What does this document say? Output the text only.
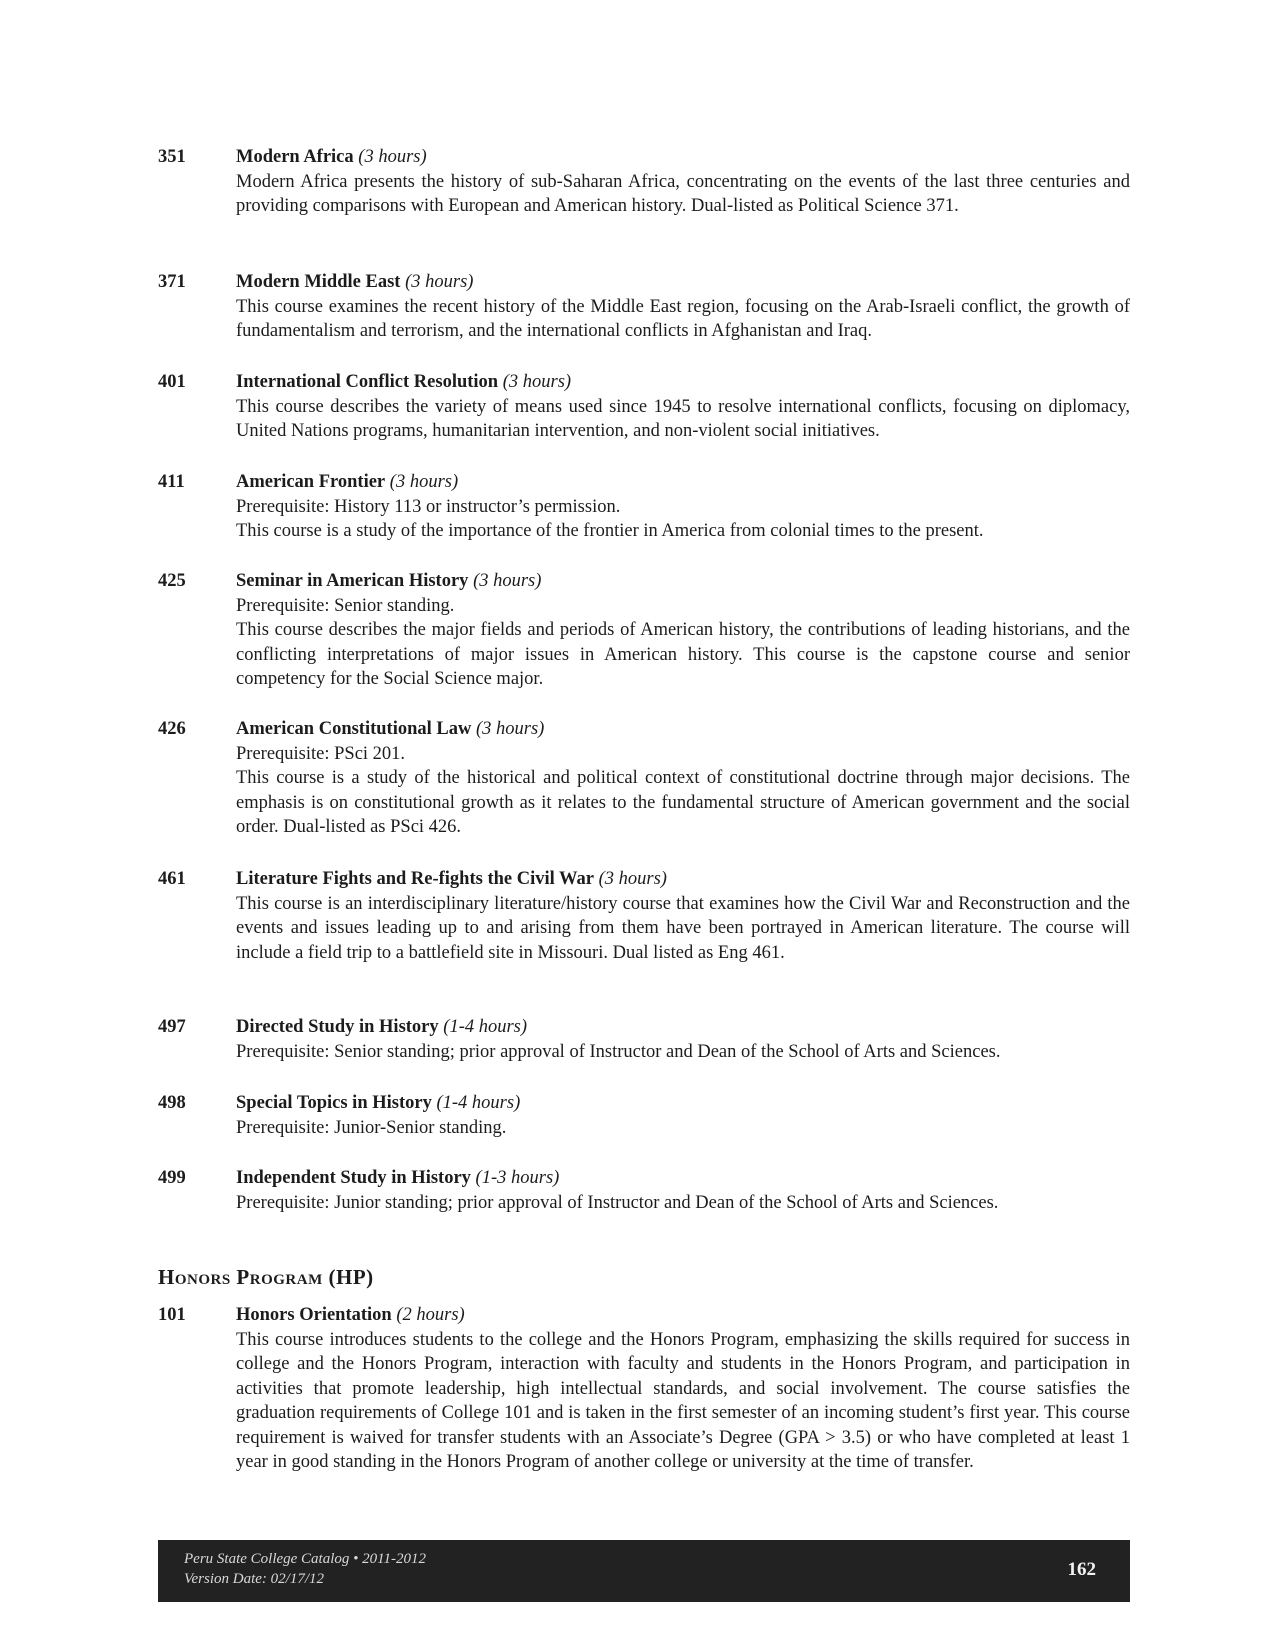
351	Modern Africa (3 hours)
Modern Africa presents the history of sub-Saharan Africa, concentrating on the events of the last three centuries and providing comparisons with European and American history. Dual-listed as Political Science 371.
371	Modern Middle East (3 hours)
This course examines the recent history of the Middle East region, focusing on the Arab-Israeli conflict, the growth of fundamentalism and terrorism, and the international conflicts in Afghanistan and Iraq.
401	International Conflict Resolution (3 hours)
This course describes the variety of means used since 1945 to resolve international conflicts, focusing on diplomacy, United Nations programs, humanitarian intervention, and non-violent social initiatives.
411	American Frontier (3 hours)
Prerequisite: History 113 or instructor’s permission.
This course is a study of the importance of the frontier in America from colonial times to the present.
425	Seminar in American History (3 hours)
Prerequisite: Senior standing.
This course describes the major fields and periods of American history, the contributions of leading historians, and the conflicting interpretations of major issues in American history. This course is the capstone course and senior competency for the Social Science major.
426	American Constitutional Law (3 hours)
Prerequisite: PSci 201.
This course is a study of the historical and political context of constitutional doctrine through major decisions. The emphasis is on constitutional growth as it relates to the fundamental structure of American government and the social order. Dual-listed as PSci 426.
461	Literature Fights and Re-fights the Civil War (3 hours)
This course is an interdisciplinary literature/history course that examines how the Civil War and Reconstruction and the events and issues leading up to and arising from them have been portrayed in American literature. The course will include a field trip to a battlefield site in Missouri. Dual listed as Eng 461.
497	Directed Study in History (1-4 hours)
Prerequisite: Senior standing; prior approval of Instructor and Dean of the School of Arts and Sciences.
498	Special Topics in History (1-4 hours)
Prerequisite: Junior-Senior standing.
499	Independent Study in History (1-3 hours)
Prerequisite: Junior standing; prior approval of Instructor and Dean of the School of Arts and Sciences.
Honors Program (HP)
101	Honors Orientation (2 hours)
This course introduces students to the college and the Honors Program, emphasizing the skills required for success in college and the Honors Program, interaction with faculty and students in the Honors Program, and participation in activities that promote leadership, high intellectual standards, and social involvement. The course satisfies the graduation requirements of College 101 and is taken in the first semester of an incoming student’s first year. This course requirement is waived for transfer students with an Associate’s Degree (GPA > 3.5) or who have completed at least 1 year in good standing in the Honors Program of another college or university at the time of transfer.
Peru State College Catalog • 2011-2012
Version Date: 02/17/12	162
